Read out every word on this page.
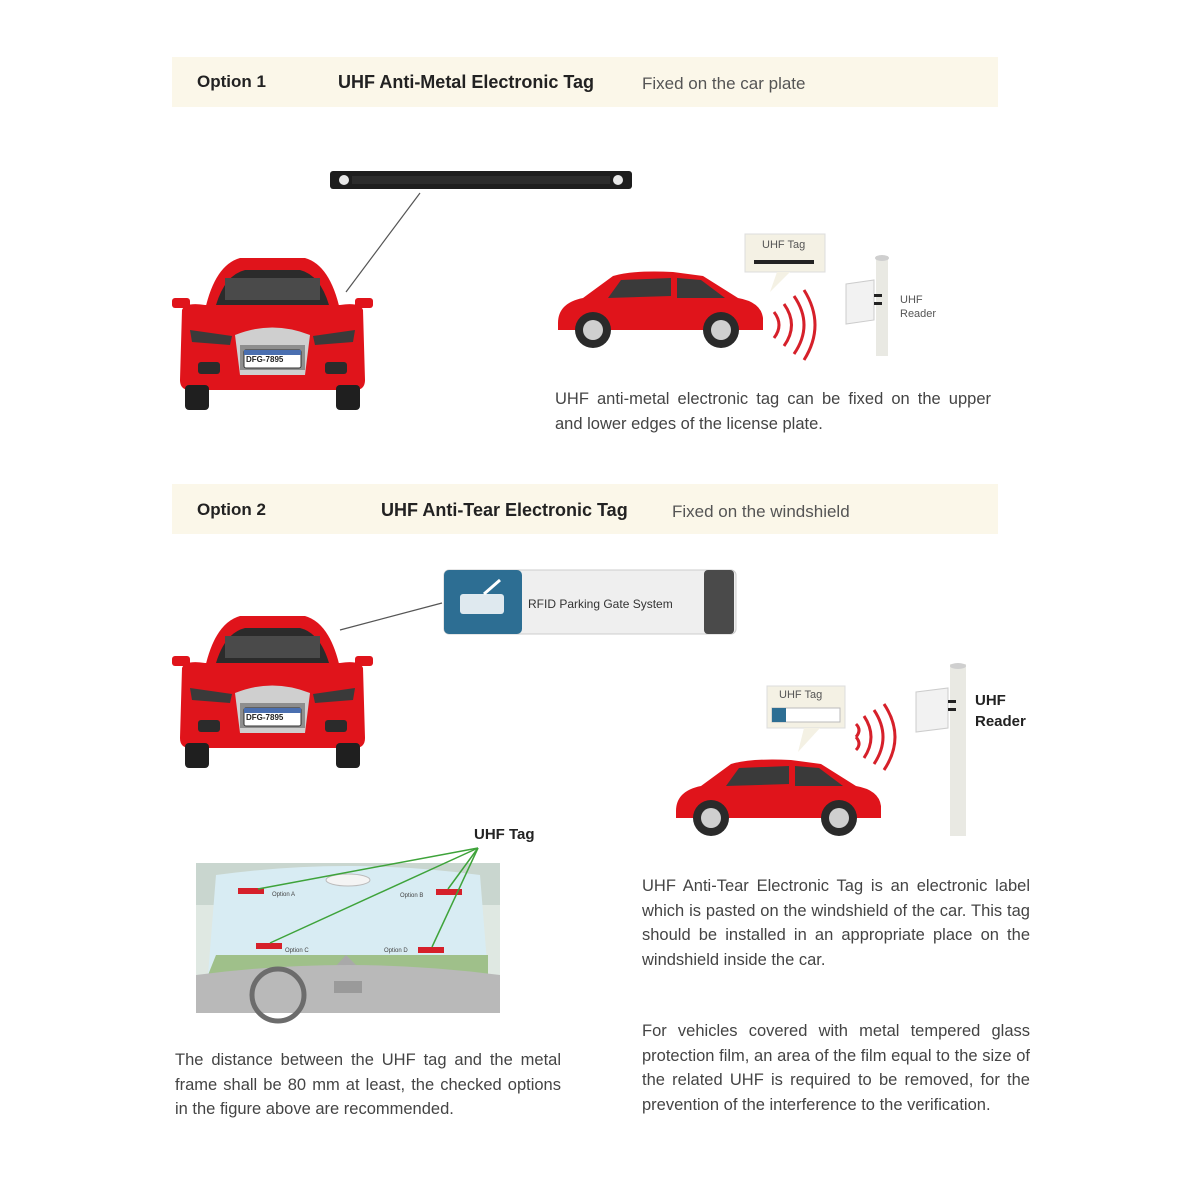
Option 1	UHF Anti-Metal Electronic Tag	Fixed on the car plate
DFG-7895
UHF Tag
UHF
Reader
UHF anti-metal electronic tag can be fixed on the upper and lower edges of the license plate.
Option 2	UHF Anti-Tear Electronic Tag	Fixed on the windshield
RFID Parking Gate System
DFG-7895
UHF Tag	UHF
Reader
UHF Tag
Option A	Option B
Option C	Option D
UHF Anti-Tear Electronic Tag is an electronic label which is pasted on the windshield of the car. This tag should be installed in an appropriate place on the windshield inside the car.
For vehicles covered with metal tempered glass protection film, an area of the film equal to the size of the related UHF is required to be removed, for the prevention of the interference to the verification.
The distance between the UHF tag and the metal frame shall be 80 mm at least, the checked options in the figure above are recommended.
